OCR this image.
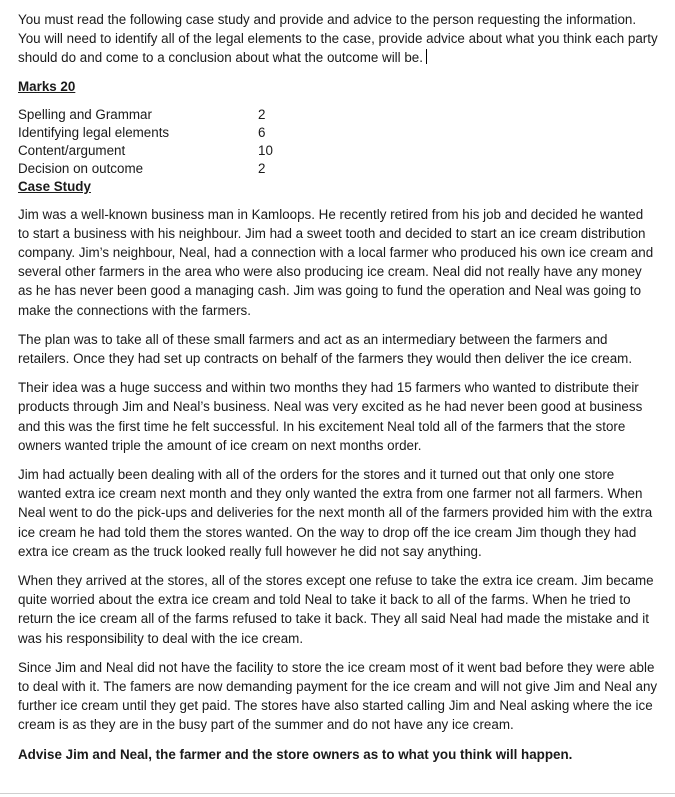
You must read the following case study and provide and advice to the person requesting the information. You will need to identify all of the legal elements to the case, provide advice about what you think each party should do and come to a conclusion about what the outcome will be.

Marks 20

Spelling and Grammar	2
Identifying legal elements	6
Content/argument	10
Decision on outcome	2

Case Study

Jim was a well-known business man in Kamloops. He recently retired from his job and decided he wanted to start a business with his neighbour. Jim had a sweet tooth and decided to start an ice cream distribution company. Jim’s neighbour, Neal, had a connection with a local farmer who produced his own ice cream and several other farmers in the area who were also producing ice cream. Neal did not really have any money as he has never been good a managing cash. Jim was going to fund the operation and Neal was going to make the connections with the farmers.

The plan was to take all of these small farmers and act as an intermediary between the farmers and retailers. Once they had set up contracts on behalf of the farmers they would then deliver the ice cream.

Their idea was a huge success and within two months they had 15 farmers who wanted to distribute their products through Jim and Neal’s business. Neal was very excited as he had never been good at business and this was the first time he felt successful. In his excitement Neal told all of the farmers that the store owners wanted triple the amount of ice cream on next months order.

Jim had actually been dealing with all of the orders for the stores and it turned out that only one store wanted extra ice cream next month and they only wanted the extra from one farmer not all farmers. When Neal went to do the pick-ups and deliveries for the next month all of the farmers provided him with the extra ice cream he had told them the stores wanted. On the way to drop off the ice cream Jim though they had extra ice cream as the truck looked really full however he did not say anything.

When they arrived at the stores, all of the stores except one refuse to take the extra ice cream. Jim became quite worried about the extra ice cream and told Neal to take it back to all of the farms. When he tried to return the ice cream all of the farms refused to take it back. They all said Neal had made the mistake and it was his responsibility to deal with the ice cream.

Since Jim and Neal did not have the facility to store the ice cream most of it went bad before they were able to deal with it. The famers are now demanding payment for the ice cream and will not give Jim and Neal any further ice cream until they get paid. The stores have also started calling Jim and Neal asking where the ice cream is as they are in the busy part of the summer and do not have any ice cream.

Advise Jim and Neal, the farmer and the store owners as to what you think will happen.
